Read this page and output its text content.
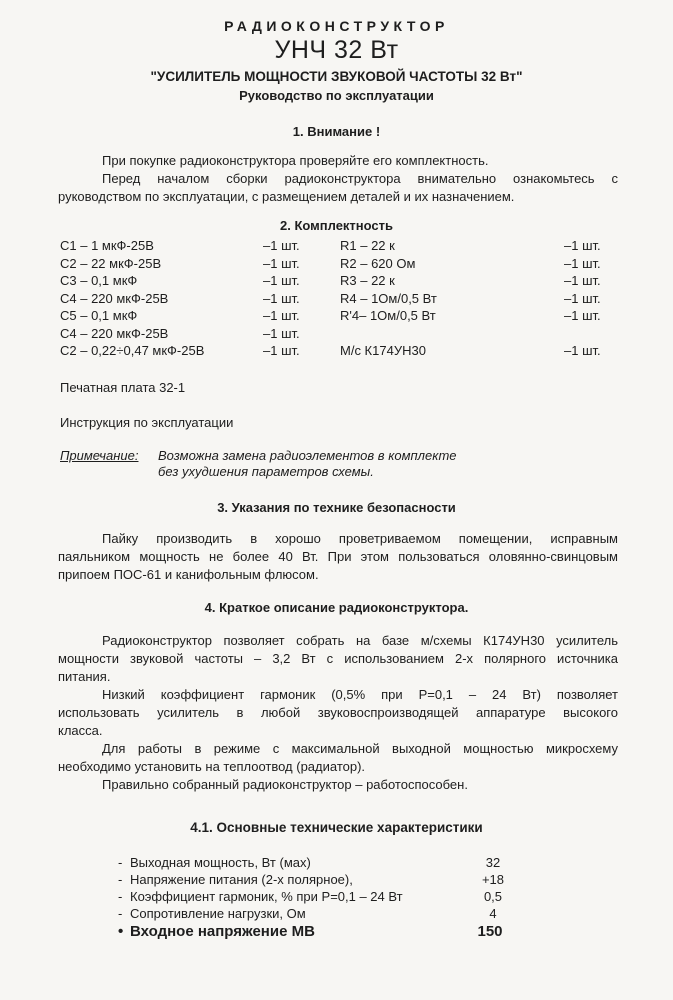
РАДИОКОНСТРУКТОР
УНЧ 32 Вт
"УСИЛИТЕЛЬ МОЩНОСТИ ЗВУКОВОЙ ЧАСТОТЫ 32 Вт"
Руководство по эксплуатации
1. Внимание !
При покупке радиоконструктора проверяйте его комплектность.
Перед началом сборки радиоконструктора внимательно ознакомьтесь с
руководством по эксплуатации, с размещением деталей и их назначением.
2. Комплектность
C1 – 1 мкФ-25В	–1 шт.	R1 – 22 к	–1 шт.
C2 – 22 мкФ-25В	–1 шт.	R2 – 620 Ом	–1 шт.
C3 – 0,1 мкФ	–1 шт.	R3 – 22 к	–1 шт.
C4 – 220 мкФ-25В	–1 шт.	R4 – 1Ом/0,5 Вт	–1 шт.
C5 – 0,1 мкФ	–1 шт.	R'4– 1Ом/0,5 Вт	–1 шт.
C4 – 220 мкФ-25В	–1 шт.
C2 – 0,22÷0,47 мкФ-25В	–1 шт.	М/с К174УН30	–1 шт.
Печатная плата 32-1
Инструкция по эксплуатации
Примечание: Возможна замена радиоэлементов в комплекте
без ухудшения параметров схемы.
3. Указания по технике безопасности
Пайку производить в хорошо проветриваемом помещении, исправным
паяльником мощность не более 40 Вт. При этом пользоваться оловянно-свинцовым
припоем ПОС-61 и канифольным флюсом.
4. Краткое описание радиоконструктора.
Радиоконструктор позволяет собрать на базе м/схемы К174УН30 усилитель
мощности звуковой частоты – 3,2 Вт с использованием 2-х полярного источника
питания.
Низкий коэффициент гармоник (0,5% при P=0,1 – 24 Вт) позволяет
использовать усилитель в любой звуковоспроизводящей аппаратуре высокого
класса.
Для работы в режиме с максимальной выходной мощностью микросхему
необходимо установить на теплоотвод (радиатор).
Правильно собранный радиоконструктор – работоспособен.
4.1. Основные технические характеристики
- Выходная мощность, Вт (мах)	32
- Напряжение питания (2-х полярное),	+18
- Коэффициент гармоник, % при P=0,1 – 24 Вт	0,5
- Сопротивление нагрузки, Ом	4
• Входное напряжение МВ	150
